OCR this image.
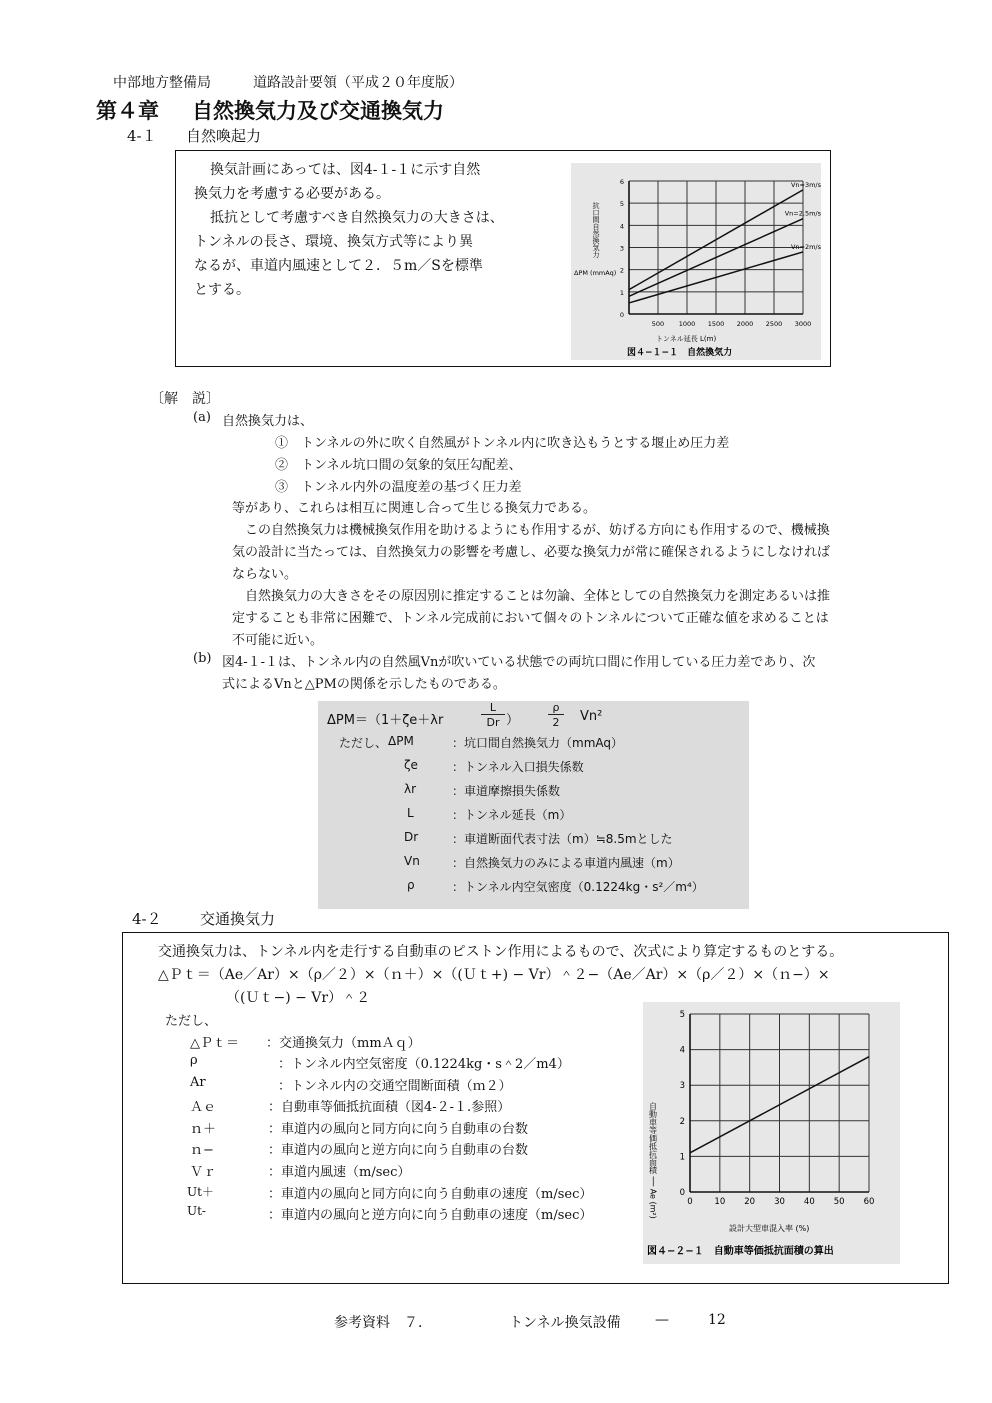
中部地方整備局	道路設計要領（平成２０年度版）
第４章 自然換気力及び交通換気力
4‐１ 自然喚起力
換気計画にあっては、図4‐１‐１に示す自然
換気力を考慮する必要がある。
抵抗として考慮すべき自然換気力の大きさは、
トンネルの長さ、環境、換気方式等により異
なるが、車道内風速として２．５m／Sを標準
とする。
Vn=3m/s
Vn=2.5m/s
Vn=2m/s
500 1000 1500 2000 2500 3000
0
1
2
3
4
5
6
抗口間自然換気力
ΔPM (mmAq)
トンネル延長 L(m)
図４−１−１　自然換気力
〔解　説〕
(a) 自然換気力は、
①　トンネルの外に吹く自然風がトンネル内に吹き込もうとする堰止め圧力差
②　トンネル坑口間の気象的気圧勾配差、
③　トンネル内外の温度差の基づく圧力差
等があり、これらは相互に関連し合って生じる換気力である。
　この自然換気力は機械換気作用を助けるようにも作用するが、妨げる方向にも作用するので、機械換
気の設計に当たっては、自然換気力の影響を考慮し、必要な換気力が常に確保されるようにしなければ
ならない。
　自然換気力の大きさをその原因別に推定することは勿論、全体としての自然換気力を測定あるいは推
定することも非常に困難で、トンネル完成前において個々のトンネルについて正確な値を求めることは
不可能に近い。
(b) 図4‐１‐１は、トンネル内の自然風Vnが吹いている状態での両坑口間に作用している圧力差であり、次
式によるVnと△PMの関係を示したものである。
ΔPM＝（1＋ζe＋λr
L
Dr ）
ρ
2	Vn²
ただし、 ΔPM	：坑口間自然換気力（mmAq）
ζe	：トンネル入口損失係数
λr	：車道摩擦損失係数
L	：トンネル延長（m）
Dr	：車道断面代表寸法（m）≒8.5mとした
Vn	：自然換気力のみによる車道内風速（m）
ρ	：トンネル内空気密度（0.1224kg・s²／m⁴）
4‐２	交通換気力
交通換気力は、トンネル内を走行する自動車のピストン作用によるもので、次式により算定するものとする。
△Ｐｔ＝（Ae／Ar）×（ρ／２）×（ｎ＋）×（(Ｕｔ+) − Vr）＾２−（Ae／Ar）×（ρ／２）×（ｎ−）×
（(Ｕｔ−) − Vr）＾２
ただし、
△Ｐｔ＝ ：交通換気力（mmＡｑ）
ρ	：トンネル内空気密度（0.1224kg・s＾2／m4）
Ar	：トンネル内の交通空間断面積（ｍ２）
Ａｅ	：自動車等価抵抗面積（図4‐２‐１.参照）
ｎ＋	：車道内の風向と同方向に向う自動車の台数
ｎ−	：車道内の風向と逆方向に向う自動車の台数
Ｖｒ	：車道内風速（m/sec）
Ut＋	：車道内の風向と同方向に向う自動車の速度（m/sec）
Ut-	：車道内の風向と逆方向に向う自動車の速度（m/sec）
0	10 20 30 40 50 60
0
1
2
3
4
5
自動車等価抵抗面積 ── Ae (m²)
設計大型車混入率 (%)
図４−２−１　自動車等価抵抗面積の算出
参考資料　７．	トンネル換気設備 —	12
